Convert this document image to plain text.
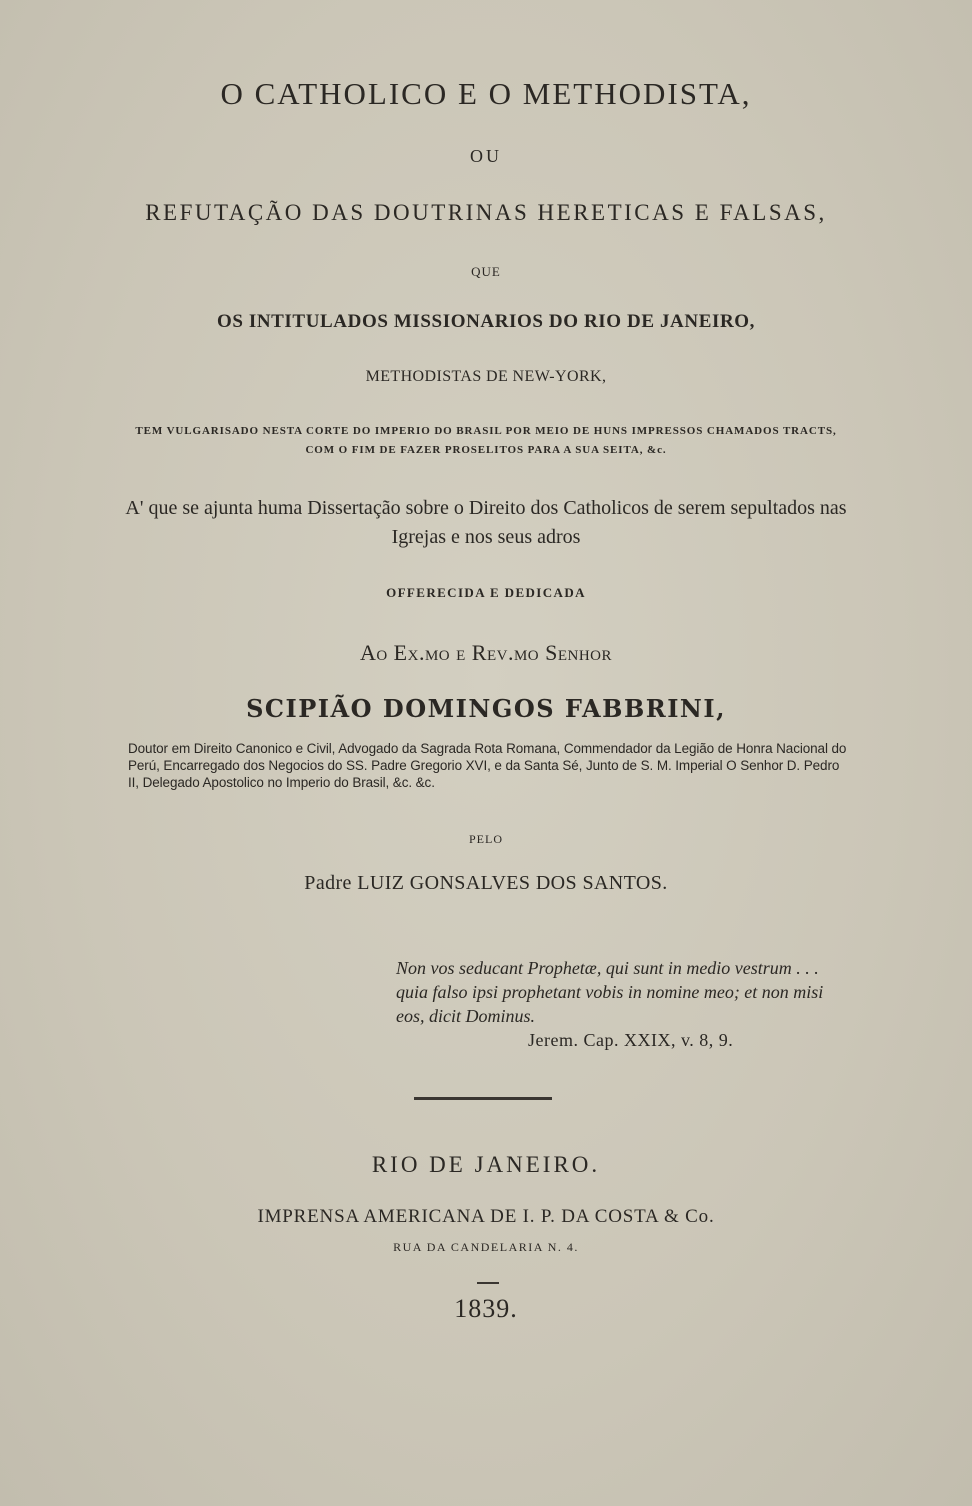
O CATHOLICO E O METHODISTA,
OU
REFUTAÇÃO DAS DOUTRINAS HERETICAS E FALSAS,
QUE
OS INTITULADOS MISSIONARIOS DO RIO DE JANEIRO,
METHODISTAS DE NEW-YORK,
TEM VULGARISADO NESTA CORTE DO IMPERIO DO BRASIL POR MEIO DE HUNS IMPRESSOS CHAMADOS TRACTS, COM O FIM DE FAZER PROSELITOS PARA A SUA SEITA, &c.
A' que se ajunta huma Dissertação sobre o Direito dos Catholicos de serem sepultados nas Igrejas e nos seus adros
OFFERECIDA E DEDICADA
Ao Ex.mo e Rev.mo Senhor
SCIPIÃO DOMINGOS FABBRINI,
Doutor em Direito Canonico e Civil, Advogado da Sagrada Rota Romana, Commendador da Legião de Honra Nacional do Perú, Encarregado dos Negocios do SS. Padre Gregorio XVI, e da Santa Sé, Junto de S. M. Imperial O Senhor D. Pedro II, Delegado Apostolico no Imperio do Brasil, &c. &c.
PELO
Padre LUIZ GONSALVES DOS SANTOS.
Non vos seducant Prophetæ, qui sunt in medio vestrum . . . quia falso ipsi prophetant vobis in nomine meo; et non misi eos, dicit Dominus.
Jerem. Cap. XXIX, v. 8, 9.
RIO DE JANEIRO.
IMPRENSA AMERICANA DE I. P. DA COSTA & Co.
RUA DA CANDELARIA N. 4.
1839.
